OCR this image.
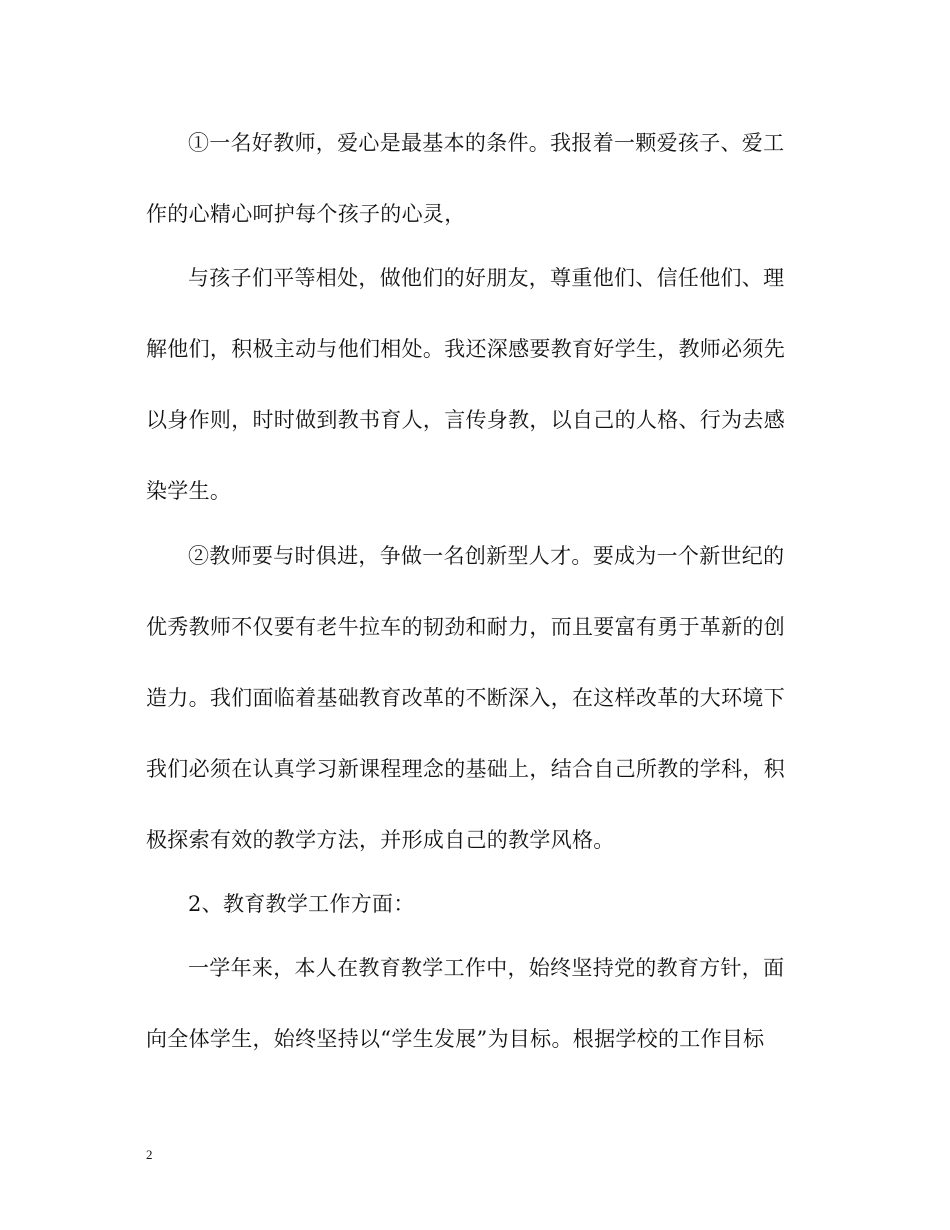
①一名好教师，爱心是最基本的条件。我报着一颗爱孩子、爱工
作的心精心呵护每个孩子的心灵，
与孩子们平等相处，做他们的好朋友，尊重他们、信任他们、理
解他们，积极主动与他们相处。我还深感要教育好学生，教师必须先
以身作则，时时做到教书育人，言传身教，以自己的人格、行为去感
染学生。
②教师要与时俱进，争做一名创新型人才。要成为一个新世纪的
优秀教师不仅要有老牛拉车的韧劲和耐力，而且要富有勇于革新的创
造力。我们面临着基础教育改革的不断深入，在这样改革的大环境下
我们必须在认真学习新课程理念的基础上，结合自己所教的学科，积
极探索有效的教学方法，并形成自己的教学风格。
2、教育教学工作方面：
一学年来，本人在教育教学工作中，始终坚持党的教育方针，面
向全体学生，始终坚持以“学生发展”为目标。根据学校的工作目标
2
